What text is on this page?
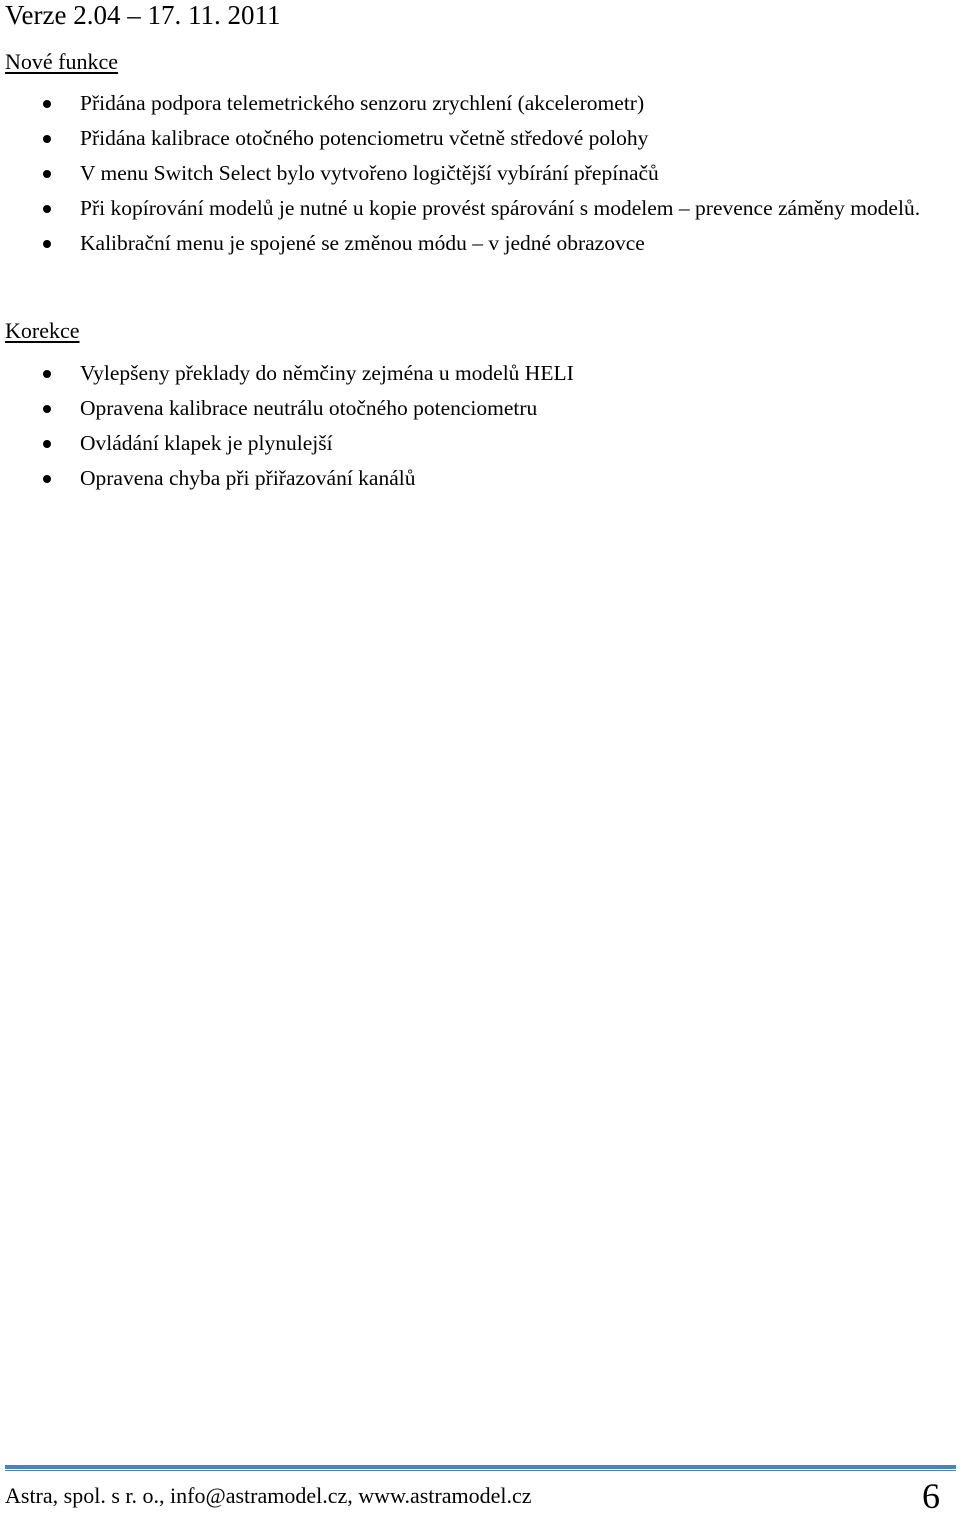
Verze 2.04 – 17. 11. 2011
Nové funkce
Přidána podpora telemetrického senzoru zrychlení (akcelerometr)
Přidána kalibrace otočného potenciometru včetně středové polohy
V menu Switch Select bylo vytvořeno logičtější vybírání přepínačů
Při kopírování modelů je nutné u kopie provést spárování s modelem – prevence záměny modelů.
Kalibrační menu je spojené se změnou módu – v jedné obrazovce
Korekce
Vylepšeny překlady do němčiny zejména u modelů HELI
Opravena kalibrace neutrálu otočného potenciometru
Ovládání klapek je plynulejší
Opravena chyba při přiřazování kanálů
Astra, spol. s r. o., info@astramodel.cz, www.astramodel.cz	6
